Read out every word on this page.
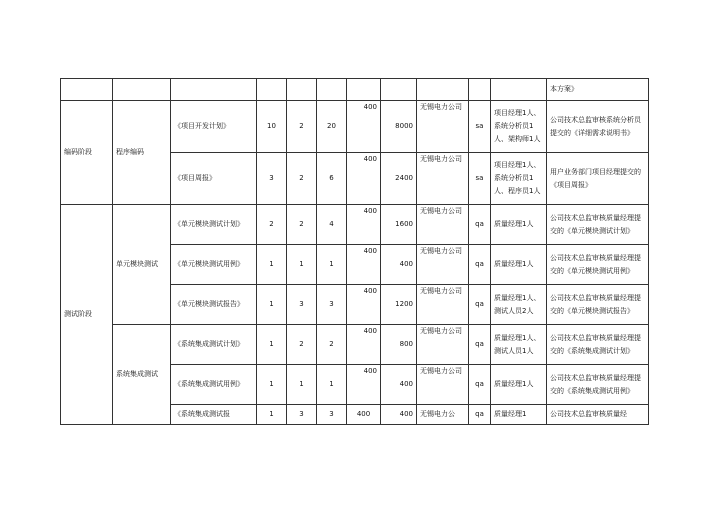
											本方案》
编码阶段	程序编码	《项目开发计划》	10	2	20	400	8000	无锡电力公司	sa	项目经理1人、系统分析员1人、架构师1人	公司技术总监审核系统分析员提交的《详细需求说明书》
		《项目周报》	3	2	6	400	2400	无锡电力公司	sa	项目经理1人、系统分析员1人、程序员1人	用户业务部门项目经理提交的《项目周报》
测试阶段	单元模块测试	《单元模块测试计划》	2	2	4	400	1600	无锡电力公司	qa	质量经理1人	公司技术总监审核质量经理提交的《单元模块测试计划》
		《单元模块测试用例》	1	1	1	400	400	无锡电力公司	qa	质量经理1人	公司技术总监审核质量经理提交的《单元模块测试用例》
		《单元模块测试报告》	1	3	3	400	1200	无锡电力公司	qa	质量经理1人、测试人员2人	公司技术总监审核质量经理提交的《单元模块测试报告》
	系统集成测试	《系统集成测试计划》	1	2	2	400	800	无锡电力公司	qa	质量经理1人、测试人员1人	公司技术总监审核质量经理提交的《系统集成测试计划》
		《系统集成测试用例》	1	1	1	400	400	无锡电力公司	qa	质量经理1人	公司技术总监审核质量经理提交的《系统集成测试用例》
		《系统集成测试报	1	3	3	400	400	无锡电力公	qa	质量经理1	公司技术总监审核质量经
